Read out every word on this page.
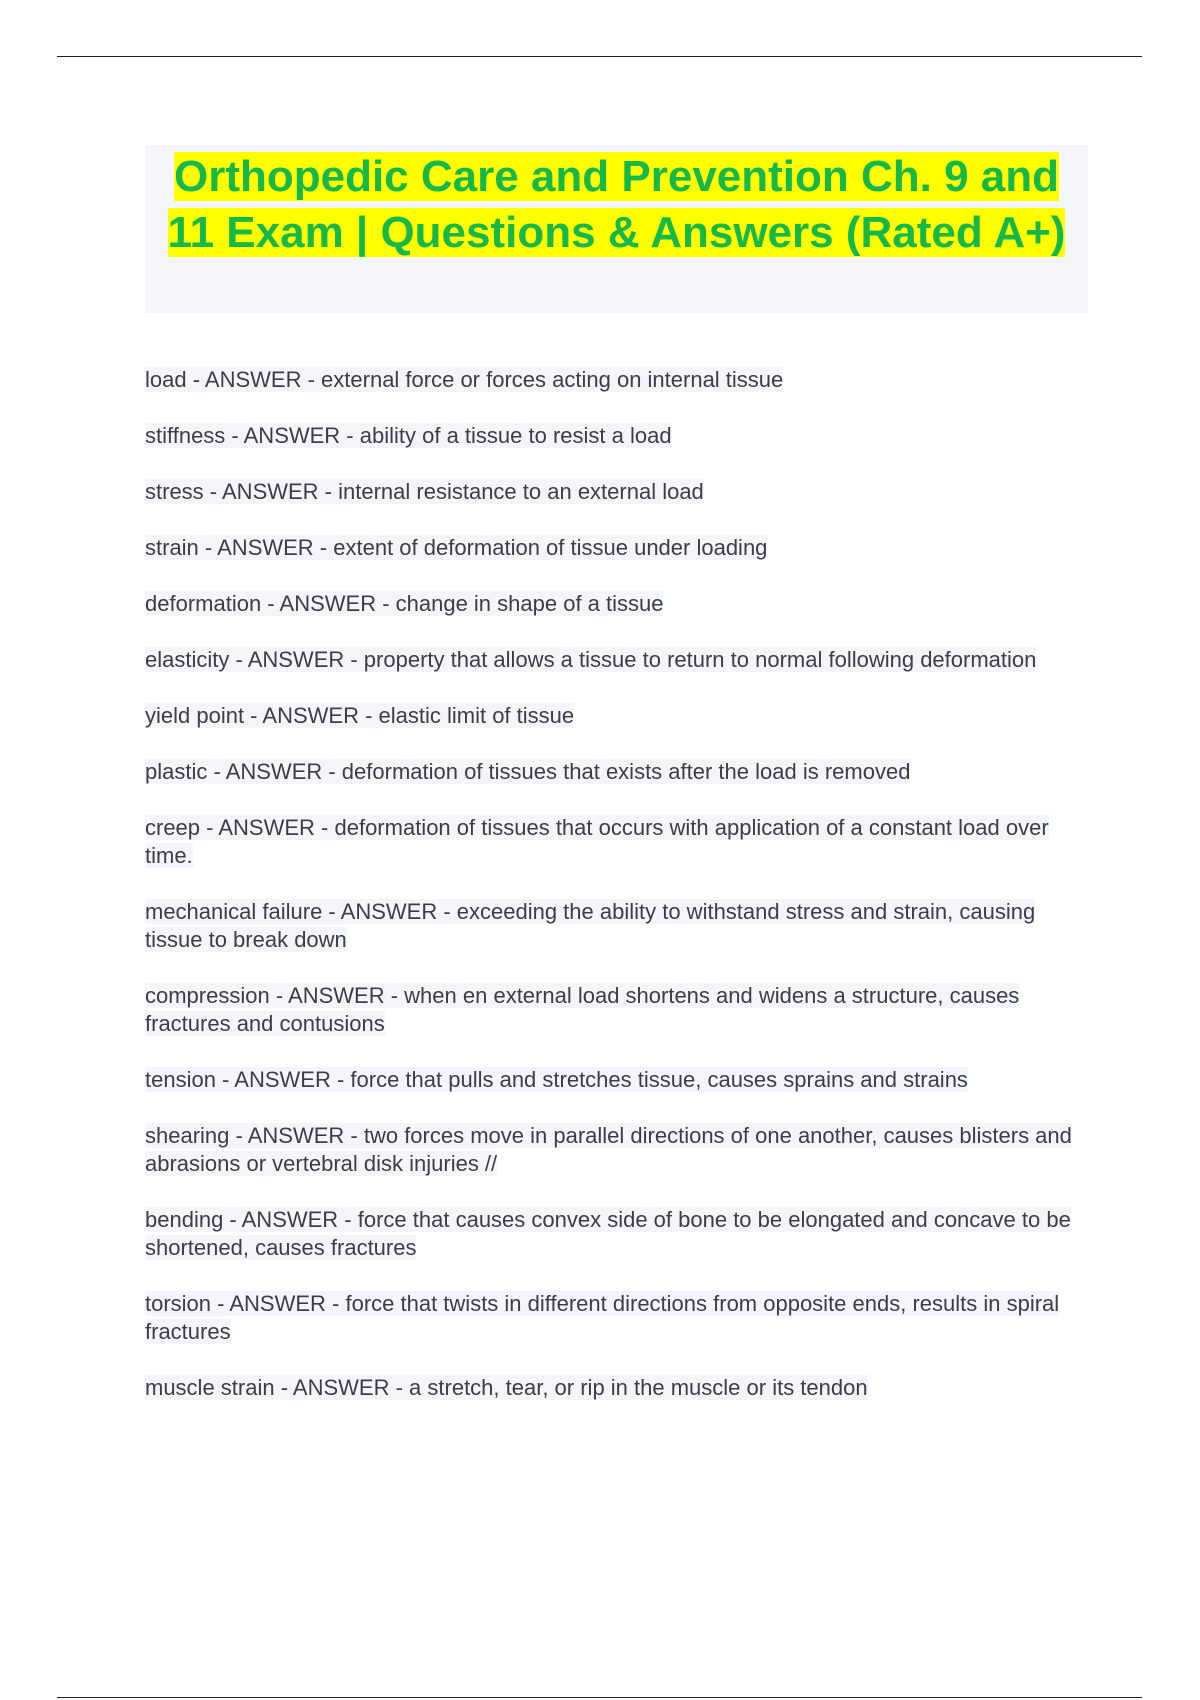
Orthopedic Care and Prevention Ch. 9 and 11 Exam | Questions & Answers (Rated A+)
load - ANSWER - external force or forces acting on internal tissue
stiffness - ANSWER - ability of a tissue to resist a load
stress - ANSWER - internal resistance to an external load
strain - ANSWER - extent of deformation of tissue under loading
deformation - ANSWER - change in shape of a tissue
elasticity - ANSWER - property that allows a tissue to return to normal following deformation
yield point - ANSWER - elastic limit of tissue
plastic - ANSWER - deformation of tissues that exists after the load is removed
creep - ANSWER - deformation of tissues that occurs with application of a constant load over time.
mechanical failure - ANSWER - exceeding the ability to withstand stress and strain, causing tissue to break down
compression - ANSWER - when en external load shortens and widens a structure, causes fractures and contusions
tension - ANSWER - force that pulls and stretches tissue, causes sprains and strains
shearing - ANSWER - two forces move in parallel directions of one another, causes blisters and abrasions or vertebral disk injuries //
bending - ANSWER - force that causes convex side of bone to be elongated and concave to be shortened, causes fractures
torsion - ANSWER - force that twists in different directions from opposite ends, results in spiral fractures
muscle strain - ANSWER - a stretch, tear, or rip in the muscle or its tendon
